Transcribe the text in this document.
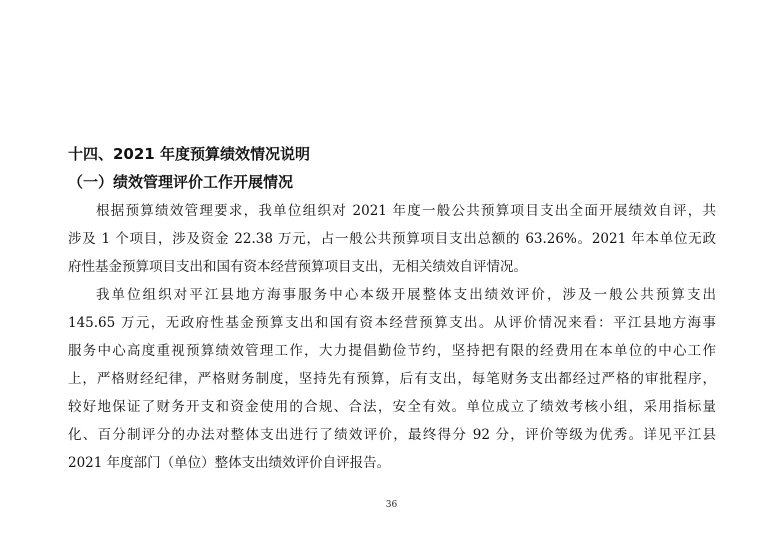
十四、2021 年度预算绩效情况说明
（一）绩效管理评价工作开展情况
根据预算绩效管理要求，我单位组织对 2021 年度一般公共预算项目支出全面开展绩效自评，共
涉及 1 个项目，涉及资金 22.38 万元，占一般公共预算项目支出总额的 63.26%。2021 年本单位无政
府性基金预算项目支出和国有资本经营预算项目支出，无相关绩效自评情况。
我单位组织对平江县地方海事服务中心本级开展整体支出绩效评价，涉及一般公共预算支出
145.65 万元，无政府性基金预算支出和国有资本经营预算支出。从评价情况来看：平江县地方海事
服务中心高度重视预算绩效管理工作，大力提倡勤俭节约，坚持把有限的经费用在本单位的中心工作
上，严格财经纪律，严格财务制度，坚持先有预算，后有支出，每笔财务支出都经过严格的审批程序，
较好地保证了财务开支和资金使用的合规、合法，安全有效。单位成立了绩效考核小组，采用指标量
化、百分制评分的办法对整体支出进行了绩效评价，最终得分 92 分，评价等级为优秀。详见平江县
2021 年度部门（单位）整体支出绩效评价自评报告。
36
